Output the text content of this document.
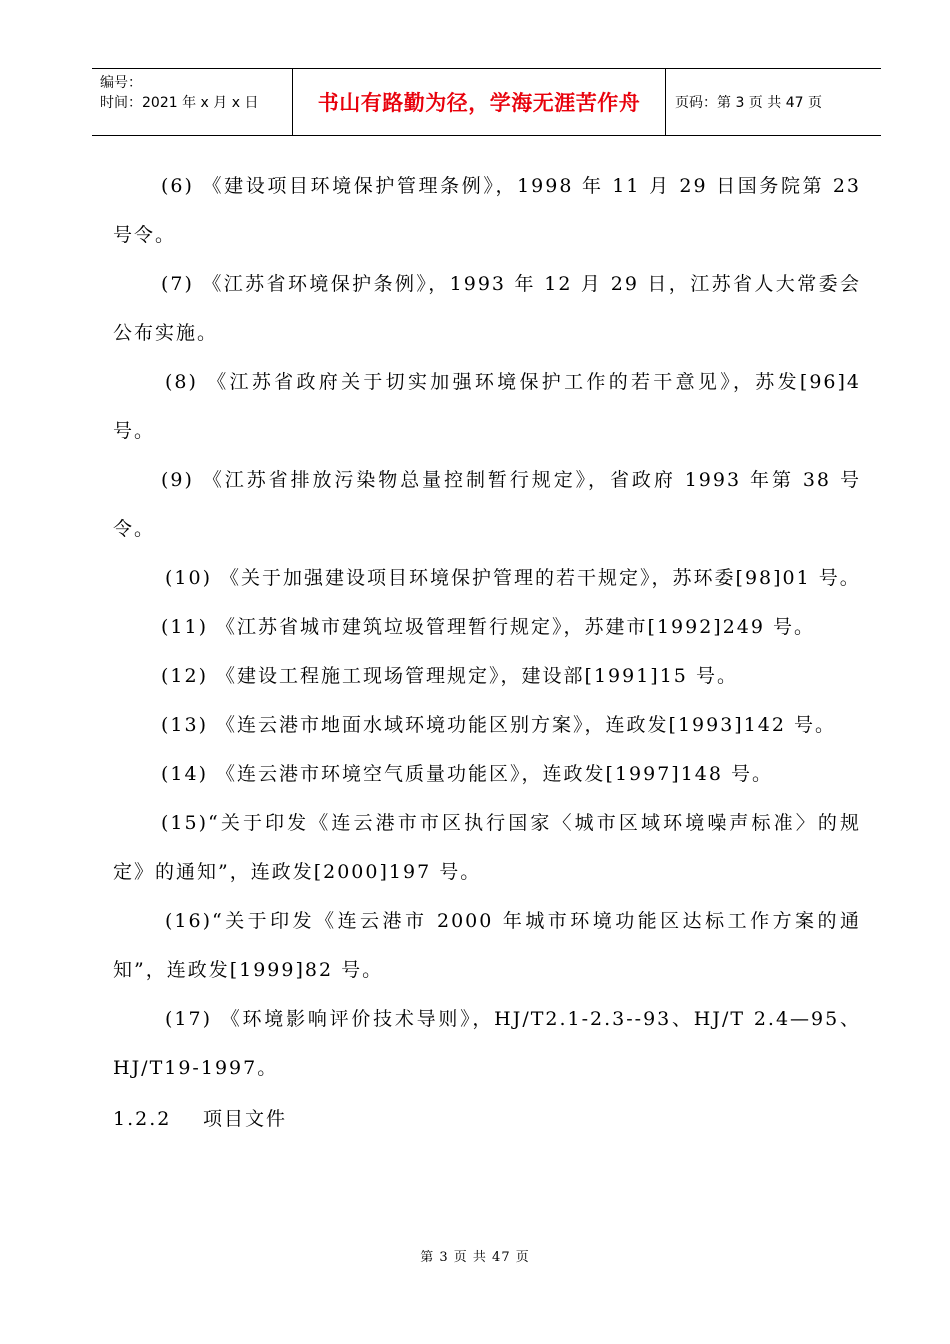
编号：
时间：2021 年 x 月 x 日	书山有路勤为径，学海无涯苦作舟	页码：第 3 页 共 47 页

(6) 《建设项目环境保护管理条例》，1998 年 11 月 29 日国务院第 23 号令。

(7) 《江苏省环境保护条例》，1993 年 12 月 29 日，江苏省人大常委会公布实施。

(8) 《江苏省政府关于切实加强环境保护工作的若干意见》，苏发[96]4 号。

(9) 《江苏省排放污染物总量控制暂行规定》，省政府 1993 年第 38 号令。

(10) 《关于加强建设项目环境保护管理的若干规定》，苏环委[98]01 号。

(11) 《江苏省城市建筑垃圾管理暂行规定》，苏建市[1992]249 号。

(12) 《建设工程施工现场管理规定》，建设部[1991]15 号。

(13) 《连云港市地面水域环境功能区别方案》，连政发[1993]142 号。

(14) 《连云港市环境空气质量功能区》，连政发[1997]148 号。

(15)“关于印发《连云港市市区执行国家〈城市区域环境噪声标准〉的规定》的通知”，连政发[2000]197 号。

(16)“关于印发《连云港市 2000 年城市环境功能区达标工作方案的通知”，连政发[1999]82 号。

(17) 《环境影响评价技术导则》，HJ/T2.1-2.3--93、HJ/T 2.4—95、HJ/T19-1997。

1.2.2 项目文件

第 3 页 共 47 页
